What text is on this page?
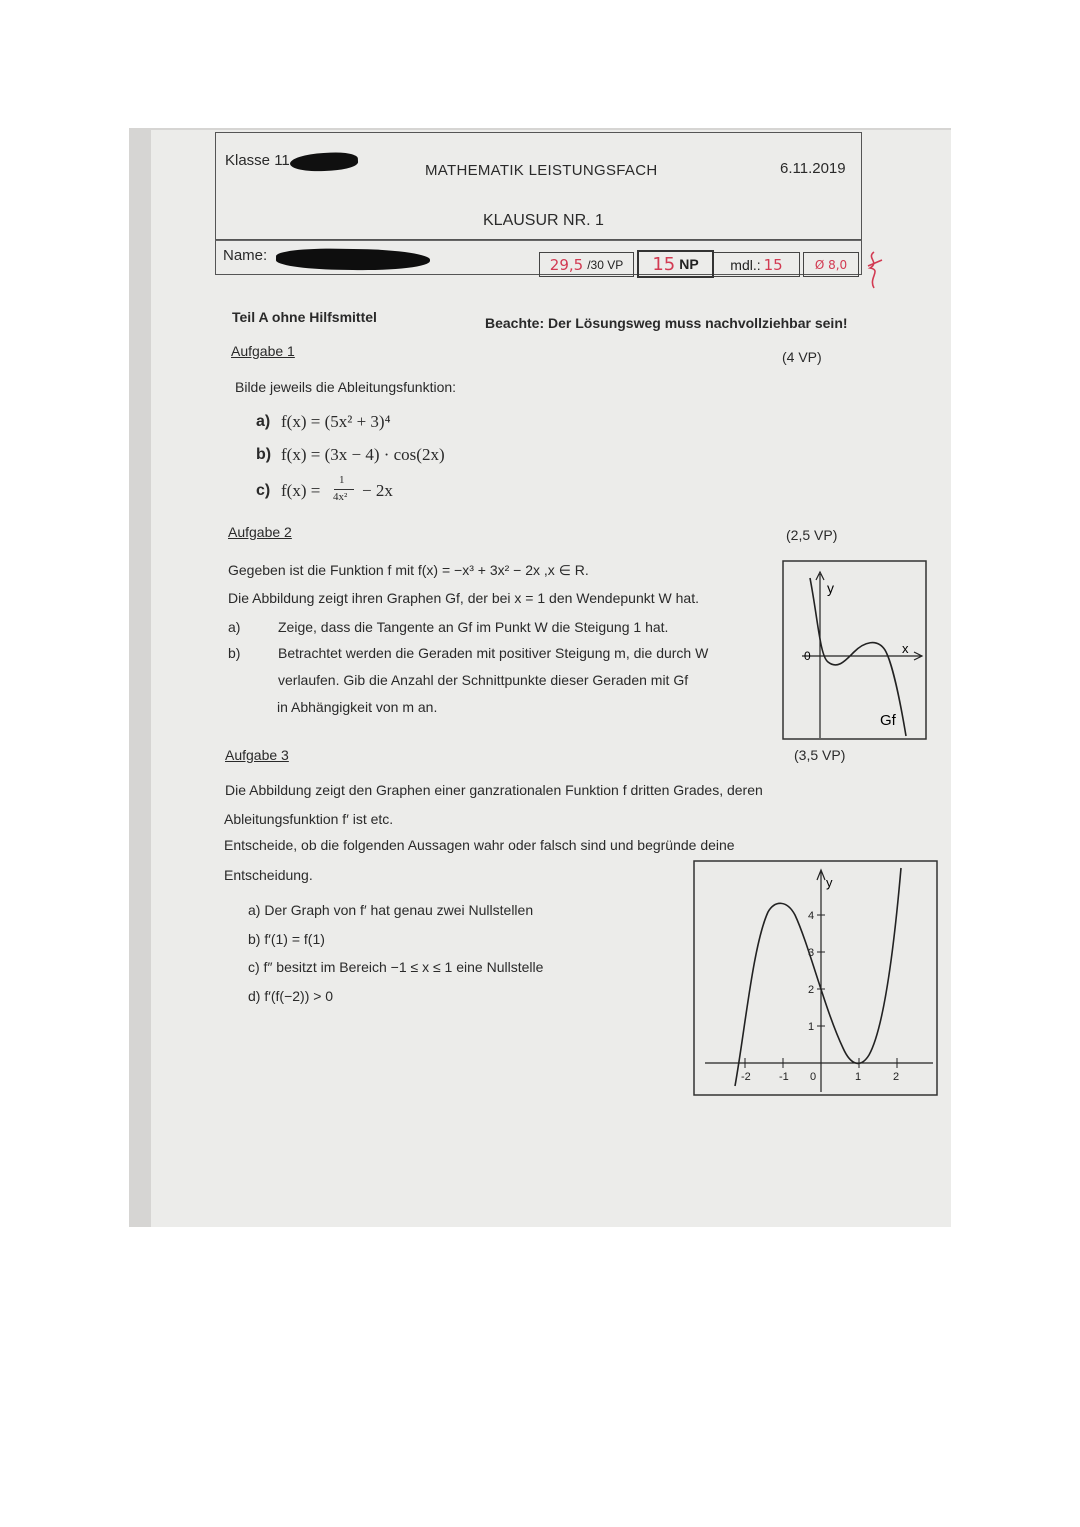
Klasse 11
MATHEMATIK LEISTUNGSFACH	6.11.2019
KLAUSUR NR. 1
Name:	29,5 /30 VP 15 NP mdl.: 15	Ø 8,0
Teil A ohne Hilfsmittel	Beachte: Der Lösungsweg muss nachvollziehbar sein!
Aufgabe 1	(4 VP)
Bilde jeweils die Ableitungsfunktion:
a) f(x) = (5x² + 3)⁴
b) f(x) = (3x − 4) · cos(2x)
c) f(x) =
1
4x² − 2x
Aufgabe 2	(2,5 VP)
Gegeben ist die Funktion f mit f(x) = −x³ + 3x² − 2x ,x ∈ R.
Die Abbildung zeigt ihren Graphen Gf, der bei x = 1 den Wendepunkt W hat.
a)	Zeige, dass die Tangente an Gf im Punkt W die Steigung 1 hat.
b)	Betrachtet werden die Geraden mit positiver Steigung m, die durch W
verlaufen. Gib die Anzahl der Schnittpunkte dieser Geraden mit Gf
in Abhängigkeit von m an.
y
x
0
Gf
Aufgabe 3	(3,5 VP)
Die Abbildung zeigt den Graphen einer ganzrationalen Funktion f dritten Grades, deren
Ableitungsfunktion f′ ist etc.
Entscheide, ob die folgenden Aussagen wahr oder falsch sind und begründe deine
Entscheidung.
a) Der Graph von f′ hat genau zwei Nullstellen
b) f′(1) = f(1)
c) f″ besitzt im Bereich −1 ≤ x ≤ 1 eine Nullstelle
d) f′(f(−2)) > 0
y
-2	-1 0	1	2
4
3
2
1
